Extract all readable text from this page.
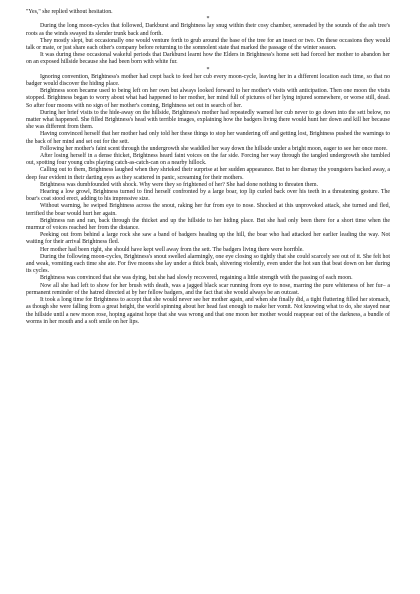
"Yes," she replied without hesitation.

*

During the long moon-cycles that followed, Darkburst and Brightness lay snug within their cosy chamber, serenaded by the sounds of the ash tree's roots as the winds swayed its slender trunk back and forth.

They mostly slept, but occasionally one would venture forth to grub around the base of the tree for an insect or two. On these occasions they would talk or mate, or just share each other's company before returning to the somnolent state that marked the passage of the winter season.

It was during these occasional wakeful periods that Darkburst learnt how the Elders in Brightness's home sett had forced her mother to abandon her on an exposed hillside because she had been born with white fur.

*

Ignoring convention, Brightness's mother had crept back to feed her cub every moon-cycle, leaving her in a different location each time, so that no badger would discover the hiding place.

Brightness soon became used to being left on her own but always looked forward to her mother's visits with anticipation. Then one moon the visits stopped. Brightness began to worry about what had happened to her mother, her mind full of pictures of her lying injured somewhere, or worse still, dead. So after four moons with no sign of her mother's coming, Brightness set out in search of her.

During her brief visits to the hide-away on the hillside, Brightness's mother had repeatedly warned her cub never to go down into the sett below, no matter what happened. She filled Brightness's head with terrible images, explaining how the badgers living there would hunt her down and kill her because she was different from them.

Having convinced herself that her mother had only told her these things to stop her wandering off and getting lost, Brightness pushed the warnings to the back of her mind and set out for the sett.

Following her mother's faint scent through the undergrowth she waddled her way down the hillside under a bright moon, eager to see her once more.

After losing herself in a dense thicket, Brightness heard faint voices on the far side. Forcing her way through the tangled undergrowth she tumbled out, spotting four young cubs playing catch-as-catch-can on a nearby hillock.

Calling out to them, Brightness laughed when they shrieked their surprise at her sudden appearance. But to her dismay the youngsters backed away, a deep fear evident in their darting eyes as they scattered in panic, screaming for their mothers.

Brightness was dumbfounded with shock. Why were they so frightened of her? She had done nothing to threaten them.

Hearing a low growl, Brightness turned to find herself confronted by a large boar, top lip curled back over his teeth in a threatening gesture. The boar's coat stood erect, adding to his impressive size.

Without warning, he swiped Brightness across the snout, raking her fur from eye to nose. Shocked at this unprovoked attack, she turned and fled, terrified the boar would hurt her again.

Brightness ran and ran, back through the thicket and up the hillside to her hiding place. But she had only been there for a short time when the murmur of voices reached her from the distance.

Peeking out from behind a large rock she saw a band of badgers heading up the hill, the boar who had attacked her earlier leading the way. Not waiting for their arrival Brightness fled.

Her mother had been right, she should have kept well away from the sett. The badgers living there were horrible.

During the following moon-cycles, Brightness's snout swelled alarmingly, one eye closing so tightly that she could scarcely see out of it. She felt hot and weak, vomiting each time she ate. For five moons she lay under a thick bush, shivering violently, even under the hot sun that beat down on her during its cycles.

Brightness was convinced that she was dying, but she had slowly recovered, regaining a little strength with the passing of each moon.

Now all she had left to show for her brush with death, was a jagged black scar running from eye to nose, marring the pure whiteness of her fur– a permanent reminder of the hatred directed at by her fellow badgers, and the fact that she would always be an outcast.

It took a long time for Brightness to accept that she would never see her mother again, and when she finally did, a tight fluttering filled her stomach, as though she were falling from a great height, the world spinning about her head fast enough to make her vomit. Not knowing what to do, she stayed near the hillside until a new moon rose, hoping against hope that she was wrong and that one moon her mother would reappear out of the darkness, a bundle of worms in her mouth and a soft smile on her lips.
